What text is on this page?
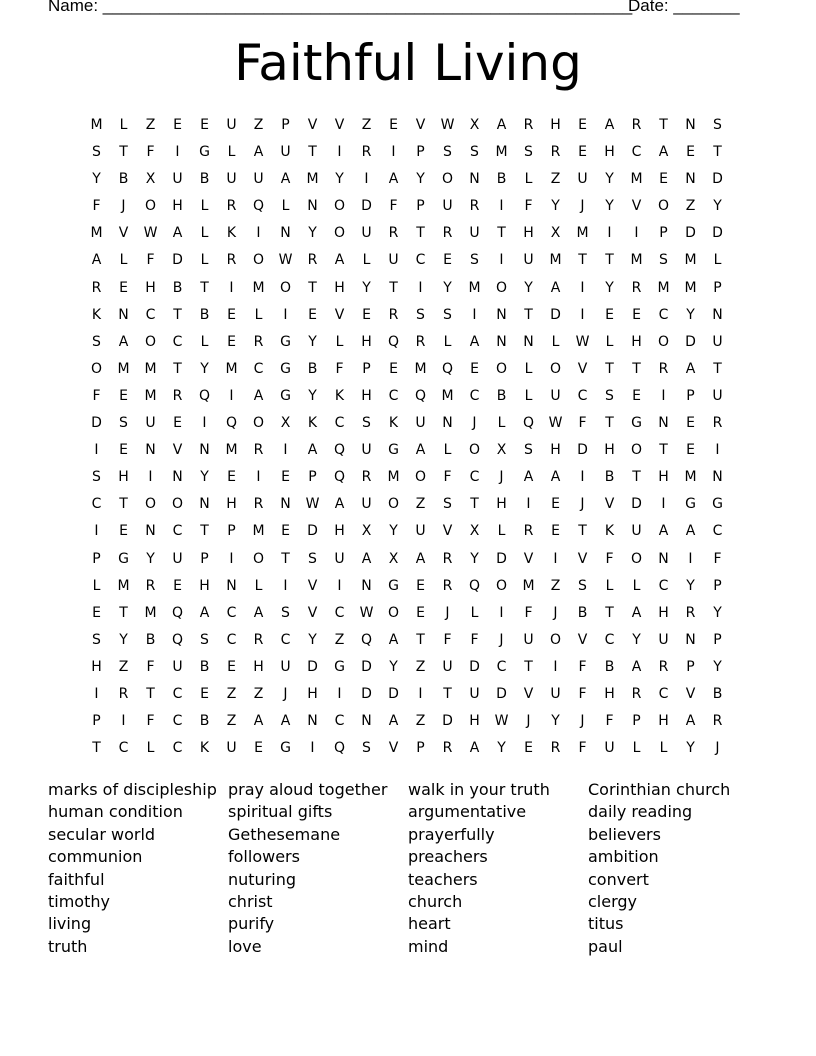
Name: ________________________________________________________
Date: _______
Faithful Living
M	L	Z	E	E	U	Z	P	V	V	Z	E	V	W	X	A	R	H	E	A	R	T	N	S
S	T	F	I	G	L	A	U	T	I	R	I	P	S	S	M	S	R	E	H	C	A	E	T
Y	B	X	U	B	U	U	A	M	Y	I	A	Y	O	N	B	L	Z	U	Y	M	E	N	D
F	J	O	H	L	R	Q	L	N	O	D	F	P	U	R	I	F	Y	J	Y	V	O	Z	Y
M	V	W	A	L	K	I	N	Y	O	U	R	T	R	U	T	H	X	M	I	I	P	D	D
A	L	F	D	L	R	O	W	R	A	L	U	C	E	S	I	U	M	T	T	M	S	M	L
R	E	H	B	T	I	M	O	T	H	Y	T	I	Y	M	O	Y	A	I	Y	R	M	M	P
K	N	C	T	B	E	L	I	E	V	E	R	S	S	I	N	T	D	I	E	E	C	Y	N
S	A	O	C	L	E	R	G	Y	L	H	Q	R	L	A	N	N	L	W	L	H	O	D	U
O	M	M	T	Y	M	C	G	B	F	P	E	M	Q	E	O	L	O	V	T	T	R	A	T
F	E	M	R	Q	I	A	G	Y	K	H	C	Q	M	C	B	L	U	C	S	E	I	P	U
D	S	U	E	I	Q	O	X	K	C	S	K	U	N	J	L	Q	W	F	T	G	N	E	R
I	E	N	V	N	M	R	I	A	Q	U	G	A	L	O	X	S	H	D	H	O	T	E	I
S	H	I	N	Y	E	I	E	P	Q	R	M	O	F	C	J	A	A	I	B	T	H	M	N
C	T	O	O	N	H	R	N	W	A	U	O	Z	S	T	H	I	E	J	V	D	I	G	G
I	E	N	C	T	P	M	E	D	H	X	Y	U	V	X	L	R	E	T	K	U	A	A	C
P	G	Y	U	P	I	O	T	S	U	A	X	A	R	Y	D	V	I	V	F	O	N	I	F
L	M	R	E	H	N	L	I	V	I	N	G	E	R	Q	O	M	Z	S	L	L	C	Y	P
E	T	M	Q	A	C	A	S	V	C	W	O	E	J	L	I	F	J	B	T	A	H	R	Y
S	Y	B	Q	S	C	R	C	Y	Z	Q	A	T	F	F	J	U	O	V	C	Y	U	N	P
H	Z	F	U	B	E	H	U	D	G	D	Y	Z	U	D	C	T	I	F	B	A	R	P	Y
I	R	T	C	E	Z	Z	J	H	I	D	D	I	T	U	D	V	U	F	H	R	C	V	B
P	I	F	C	B	Z	A	A	N	C	N	A	Z	D	H	W	J	Y	J	F	P	H	A	R
T	C	L	C	K	U	E	G	I	Q	S	V	P	R	A	Y	E	R	F	U	L	L	Y	J
marks of discipleship
human condition
secular world
communion
faithful
timothy
living
truth
pray aloud together
spiritual gifts
Gethesemane
followers
nuturing
christ
purify
love
walk in your truth
argumentative
prayerfully
preachers
teachers
church
heart
mind
Corinthian church
daily reading
believers
ambition
convert
clergy
titus
paul
